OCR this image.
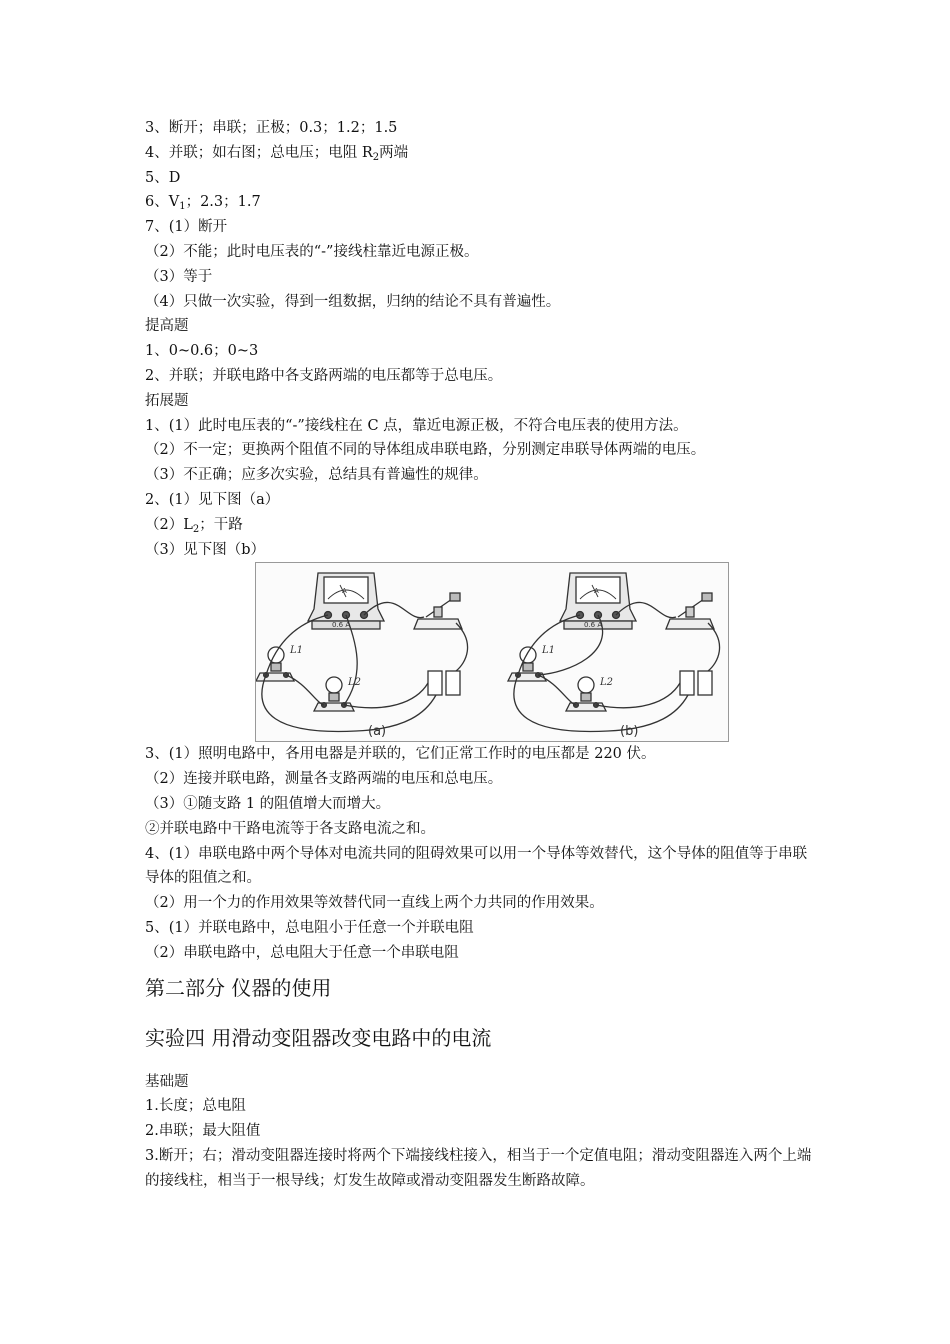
3、断开；串联；正极；0.3；1.2；1.5
4、并联；如右图；总电压；电阻 $R_2$两端
5、D
6、$V_1$；2.3；1.7
7、(1）断开
（2）不能；此时电压表的“-”接线柱靠近电源正极。
（3）等于
（4）只做一次实验，得到一组数据，归纳的结论不具有普遍性。
提高题
1、0~0.6；0~3
2、并联；并联电路中各支路两端的电压都等于总电压。
拓展题
1、(1）此时电压表的“-”接线柱在 C 点，靠近电源正极，不符合电压表的使用方法。
（2）不一定；更换两个阻值不同的导体组成串联电路，分别测定串联导体两端的电压。
（3）不正确；应多次实验，总结具有普遍性的规律。
2、(1）见下图（a）
$(2)L_2$；干路
（3）见下图（b）
L1
L2
L1
L2
A	A
0.6 A	0.6 A
(a)	(b)
3、(1）照明电路中，各用电器是并联的，它们正常工作时的电压都是 220 伏。
（2）连接并联电路，测量各支路两端的电压和总电压。
（3）①随支路 1 的阻值增大而增大。
②并联电路中干路电流等于各支路电流之和。
4、(1）串联电路中两个导体对电流共同的阻碍效果可以用一个导体等效替代，这个导体的阻值等于串联导体的阻值之和。
（2）用一个力的作用效果等效替代同一直线上两个力共同的作用效果。
5、(1）并联电路中，总电阻小于任意一个并联电阻
（2）串联电路中，总电阻大于任意一个串联电阻
第二部分 仪器的使用
实验四 用滑动变阻器改变电路中的电流
基础题
1.长度；总电阻
2.串联；最大阻值
3.断开；右；滑动变阻器连接时将两个下端接线柱接入，相当于一个定值电阻；滑动变阻器连入两个上端的接线柱，相当于一根导线；灯发生故障或滑动变阻器发生断路故障。
